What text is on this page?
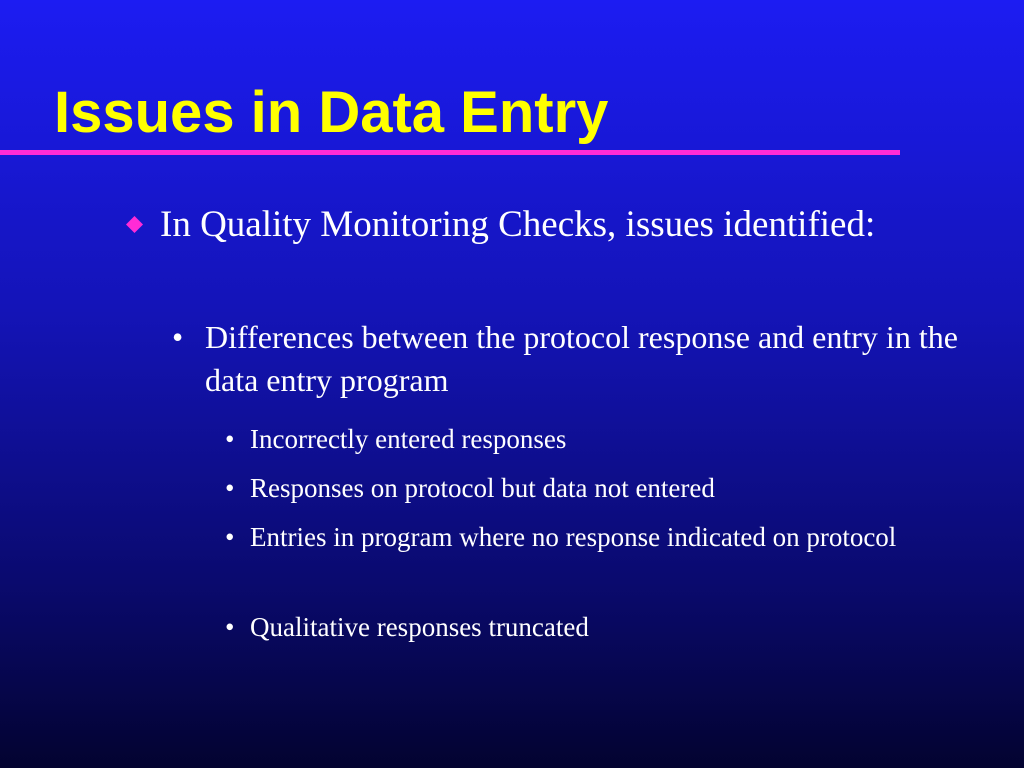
Issues in Data Entry
In Quality Monitoring Checks, issues identified:
• Differences between the protocol response and entry in the data entry program
• Incorrectly entered responses
• Responses on protocol but data not entered
• Entries in program where no response indicated on protocol
• Qualitative responses truncated
